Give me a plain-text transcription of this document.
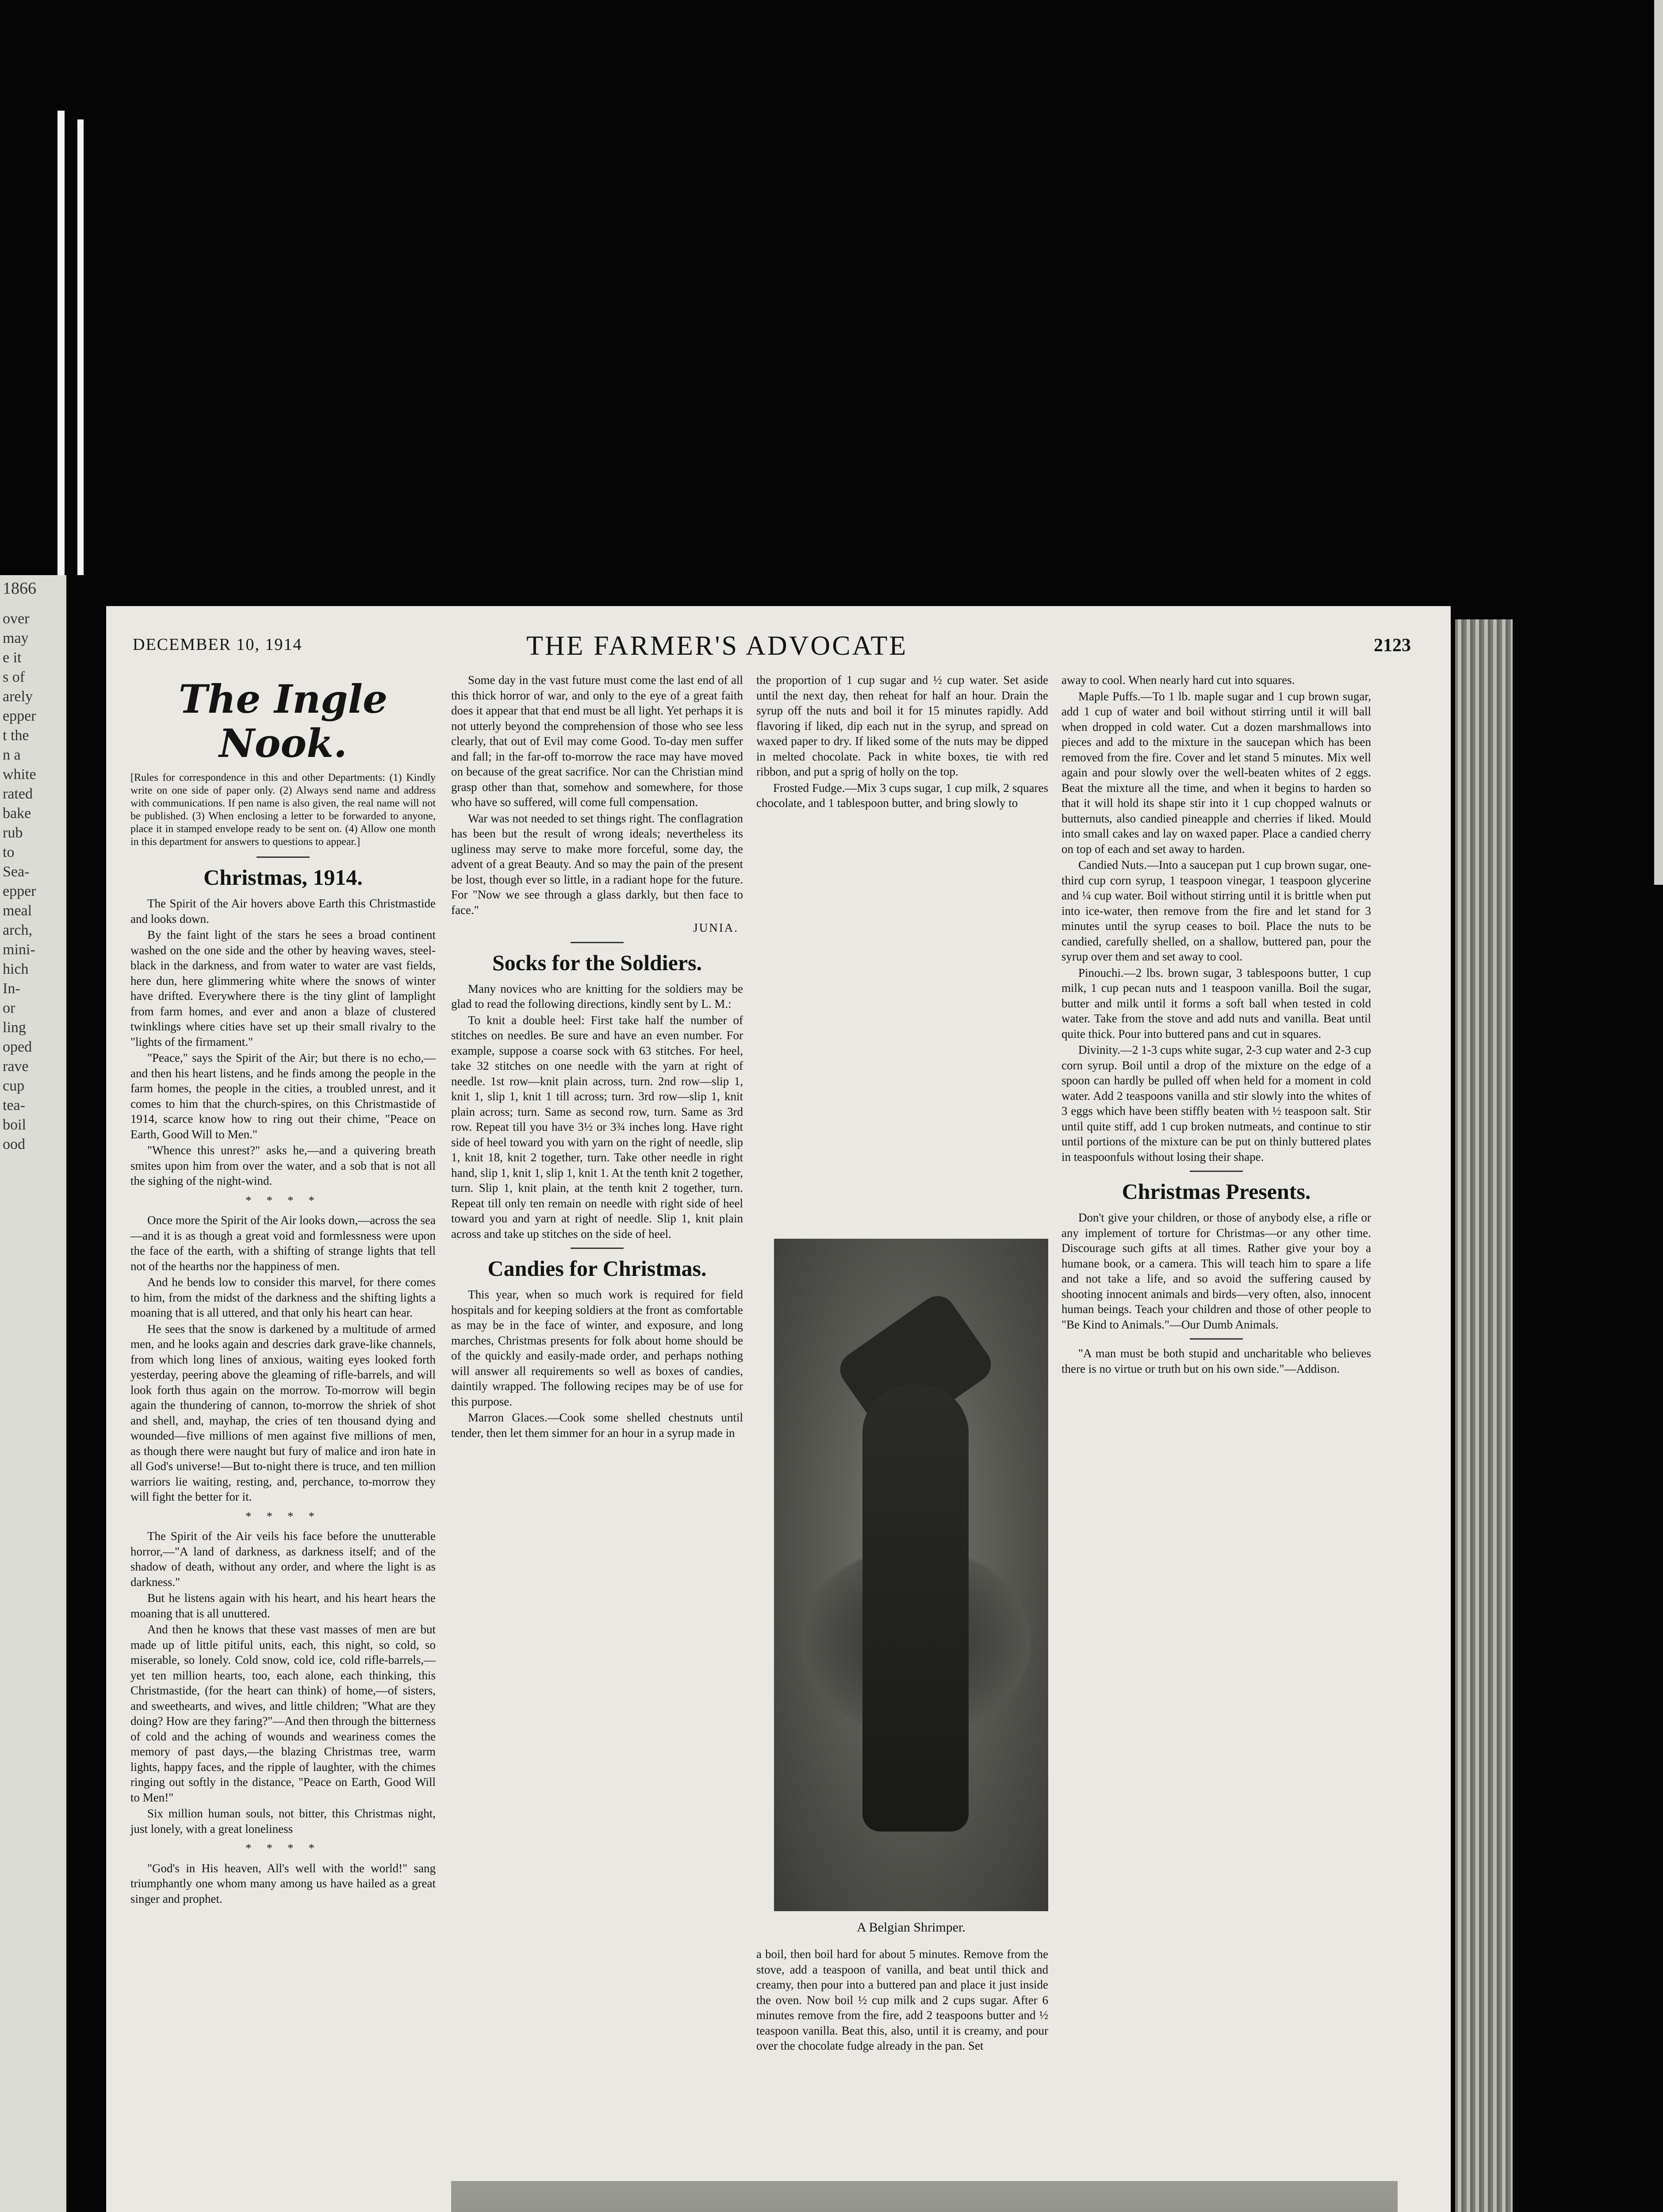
1866
over
may
e it
s of
arely
epper
t the
n a
white
rated
bake
rub
to
Sea-
epper
meal
arch,
mini-
hich
In-
or
ling
oped
rave
cup
tea-
boil
ood
DECEMBER 10, 1914	THE FARMER'S ADVOCATE	2123
The Ingle Nook.
[Rules for correspondence in this and other Departments: (1) Kindly write on one side of paper only. (2) Always send name and address with communications. If pen name is also given, the real name will not be published. (3) When enclosing a letter to be forwarded to anyone, place it in stamped envelope ready to be sent on. (4) Allow one month in this department for answers to questions to appear.]
Christmas, 1914.

The Spirit of the Air hovers above Earth this Christmastide and looks down.

By the faint light of the stars he sees a broad continent washed on the one side and the other by heaving waves, steel-black in the darkness, and from water to water are vast fields, here dun, here glimmering white where the snows of winter have drifted. Everywhere there is the tiny glint of lamplight from farm homes, and ever and anon a blaze of clustered twinklings where cities have set up their small rivalry to the "lights of the firmament."

"Peace," says the Spirit of the Air; but there is no echo,—and then his heart listens, and he finds among the people in the farm homes, the people in the cities, a troubled unrest, and it comes to him that the church-spires, on this Christmastide of 1914, scarce know how to ring out their chime, "Peace on Earth, Good Will to Men."

"Whence this unrest?" asks he,—and a quivering breath smites upon him from over the water, and a sob that is not all the sighing of the night-wind.

* * * *

Once more the Spirit of the Air looks down,—across the sea—and it is as though a great void and formlessness were upon the face of the earth, with a shifting of strange lights that tell not of the hearths nor the happiness of men.

And he bends low to consider this marvel, for there comes to him, from the midst of the darkness and the shifting lights a moaning that is all uttered, and that only his heart can hear.

He sees that the snow is darkened by a multitude of armed men, and he looks again and descries dark grave-like channels, from which long lines of anxious, waiting eyes looked forth yesterday, peering above the gleaming of rifle-barrels, and will look forth thus again on the morrow. To-morrow will begin again the thundering of cannon, to-morrow the shriek of shot and shell, and, mayhap, the cries of ten thousand dying and wounded—five millions of men against five millions of men, as though there were naught but fury of malice and iron hate in all God's universe!—But to-night there is truce, and ten million warriors lie waiting, resting, and, perchance, to-morrow they will fight the better for it.

* * * *

The Spirit of the Air veils his face before the unutterable horror,—"A land of darkness, as darkness itself; and of the shadow of death, without any order, and where the light is as darkness."

But he listens again with his heart, and his heart hears the moaning that is all unuttered.

And then he knows that these vast masses of men are but made up of little pitiful units, each, this night, so cold, so miserable, so lonely. Cold snow, cold ice, cold rifle-barrels,—yet ten million hearts, too, each alone, each thinking, this Christmastide, (for the heart can think) of home,—of sisters, and sweethearts, and wives, and little children; "What are they doing? How are they faring?"—And then through the bitterness of cold and the aching of wounds and weariness comes the memory of past days,—the blazing Christmas tree, warm lights, happy faces, and the ripple of laughter, with the chimes ringing out softly in the distance, "Peace on Earth, Good Will to Men!"

Six million human souls, not bitter, this Christmas night, just lonely, with a great loneliness

* * * *

"God's in His heaven, All's well with the world!" sang triumphantly one whom many among us have hailed as a great singer and prophet.

Some day in the vast future must come the last end of all this thick horror of war, and only to the eye of a great faith does it appear that that end must be all light. Yet perhaps it is not utterly beyond the comprehension of those who see less clearly, that out of Evil may come Good. To-day men suffer and fall; in the far-off to-morrow the race may have moved on because of the great sacrifice. Nor can the Christian mind grasp other than that, somehow and somewhere, for those who have so suffered, will come full compensation.

War was not needed to set things right. The conflagration has been but the result of wrong ideals; nevertheless its ugliness may serve to make more forceful, some day, the advent of a great Beauty. And so may the pain of the present be lost, though ever so little, in a radiant hope for the future. For "Now we see through a glass darkly, but then face to face."

JUNIA.
Socks for the Soldiers.

Many novices who are knitting for the soldiers may be glad to read the following directions, kindly sent by L. M.:

To knit a double heel: First take half the number of stitches on needles. Be sure and have an even number. For example, suppose a coarse sock with 63 stitches. For heel, take 32 stitches on one needle with the yarn at right of needle. 1st row—knit plain across, turn. 2nd row—slip 1, knit 1, slip 1, knit 1 till across; turn. 3rd row—slip 1, knit plain across; turn. Same as second row, turn. Same as 3rd row. Repeat till you have 3½ or 3¾ inches long. Have right side of heel toward you with yarn on the right of needle, slip 1, knit 18, knit 2 together, turn. Take other needle in right hand, slip 1, knit 1, slip 1, knit 1. At the tenth knit 2 together, turn. Slip 1, knit plain, at the tenth knit 2 together, turn. Repeat till only ten remain on needle with right side of heel toward you and yarn at right of needle. Slip 1, knit plain across and take up stitches on the side of heel.

Candies for Christmas.

This year, when so much work is required for field hospitals and for keeping soldiers at the front as comfortable as may be in the face of winter, and exposure, and long marches, Christmas presents for folk about home should be of the quickly and easily-made order, and perhaps nothing will answer all requirements so well as boxes of candies, daintily wrapped. The following recipes may be of use for this purpose.

Marron Glaces.—Cook some shelled chestnuts until tender, then let them simmer for an hour in a syrup made in

the proportion of 1 cup sugar and ½ cup water. Set aside until the next day, then reheat for half an hour. Drain the syrup off the nuts and boil it for 15 minutes rapidly. Add flavoring if liked, dip each nut in the syrup, and spread on waxed paper to dry. If liked some of the nuts may be dipped in melted chocolate. Pack in white boxes, tie with red ribbon, and put a sprig of holly on the top.

Frosted Fudge.—Mix 3 cups sugar, 1 cup milk, 2 squares chocolate, and 1 tablespoon butter, and bring slowly to

A Belgian Shrimper.

a boil, then boil hard for about 5 minutes. Remove from the stove, add a teaspoon of vanilla, and beat until thick and creamy, then pour into a buttered pan and place it just inside the oven. Now boil ½ cup milk and 2 cups sugar. After 6 minutes remove from the fire, add 2 teaspoons butter and ½ teaspoon vanilla. Beat this, also, until it is creamy, and pour over the chocolate fudge already in the pan. Set

away to cool. When nearly hard cut into squares.

Maple Puffs.—To 1 lb. maple sugar and 1 cup brown sugar, add 1 cup of water and boil without stirring until it will ball when dropped in cold water. Cut a dozen marshmallows into pieces and add to the mixture in the saucepan which has been removed from the fire. Cover and let stand 5 minutes. Mix well again and pour slowly over the well-beaten whites of 2 eggs. Beat the mixture all the time, and when it begins to harden so that it will hold its shape stir into it 1 cup chopped walnuts or butternuts, also candied pineapple and cherries if liked. Mould into small cakes and lay on waxed paper. Place a candied cherry on top of each and set away to harden.

Candied Nuts.—Into a saucepan put 1 cup brown sugar, one-third cup corn syrup, 1 teaspoon vinegar, 1 teaspoon glycerine and ¼ cup water. Boil without stirring until it is brittle when put into ice-water, then remove from the fire and let stand for 3 minutes until the syrup ceases to boil. Place the nuts to be candied, carefully shelled, on a shallow, buttered pan, pour the syrup over them and set away to cool.

Pinouchi.—2 lbs. brown sugar, 3 tablespoons butter, 1 cup milk, 1 cup pecan nuts and 1 teaspoon vanilla. Boil the sugar, butter and milk until it forms a soft ball when tested in cold water. Take from the stove and add nuts and vanilla. Beat until quite thick. Pour into buttered pans and cut in squares.

Divinity.—2 1-3 cups white sugar, 2-3 cup water and 2-3 cup corn syrup. Boil until a drop of the mixture on the edge of a spoon can hardly be pulled off when held for a moment in cold water. Add 2 teaspoons vanilla and stir slowly into the whites of 3 eggs which have been stiffly beaten with ½ teaspoon salt. Stir until quite stiff, add 1 cup broken nutmeats, and continue to stir until portions of the mixture can be put on thinly buttered plates in teaspoonfuls without losing their shape.

Christmas Presents.

Don't give your children, or those of anybody else, a rifle or any implement of torture for Christmas—or any other time. Discourage such gifts at all times. Rather give your boy a humane book, or a camera. This will teach him to spare a life and not take a life, and so avoid the suffering caused by shooting innocent animals and birds—very often, also, innocent human beings. Teach your children and those of other people to "Be Kind to Animals."—Our Dumb Animals.

"A man must be both stupid and uncharitable who believes there is no virtue or truth but on his own side."—Addison.
